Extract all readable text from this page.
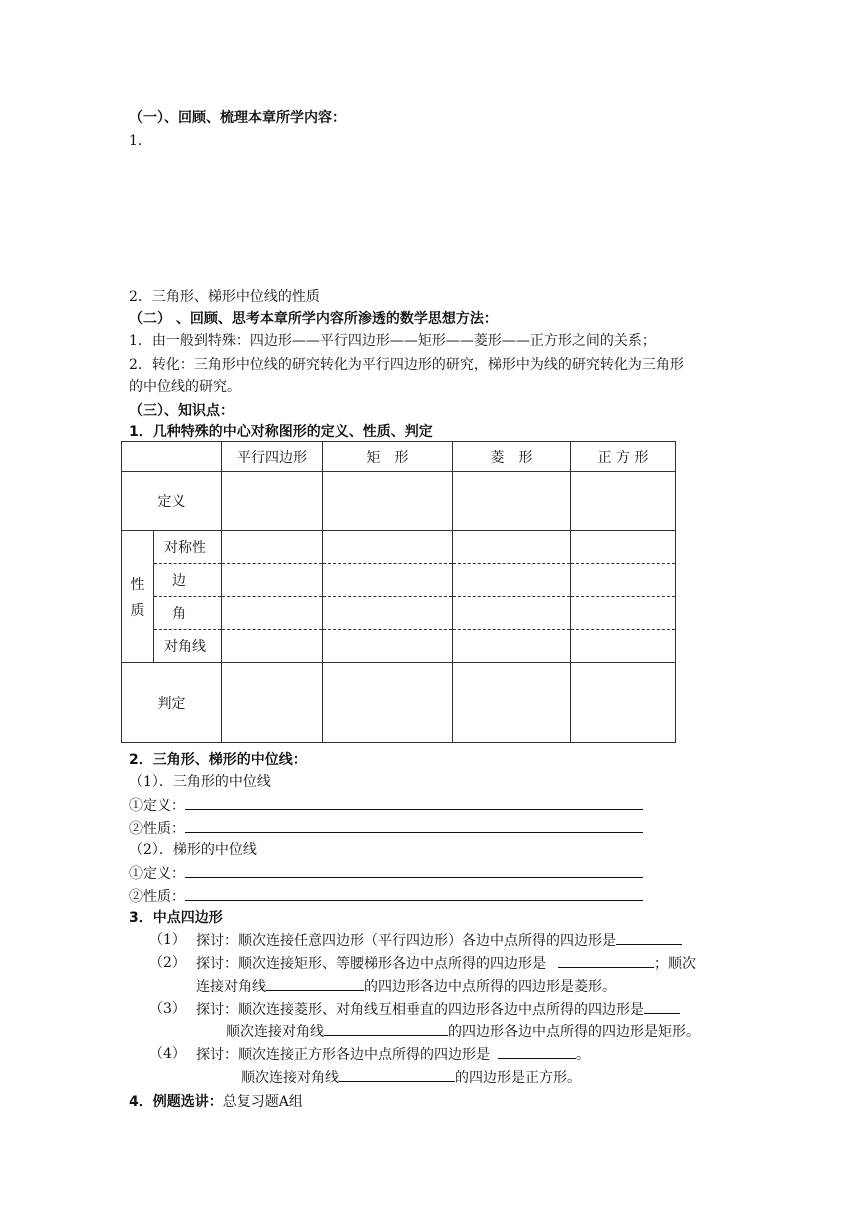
（一）、回顾、梳理本章所学内容：
1.
2．三角形、梯形中位线的性质
（二） 、回顾、思考本章所学内容所渗透的数学思想方法：
1．由一般到特殊：四边形——平行四边形——矩形——菱形——正方形之间的关系；
2．转化：三角形中位线的研究转化为平行四边形的研究，梯形中为线的研究转化为三角形
的中位线的研究。
（三）、知识点：
1．几种特殊的中心对称图形的定义、性质、判定
		平行四边形	矩　形	菱　形	正 方 形
定义					

性
质	对称性				
	边				
	角				
	对角线				
判定					
2．三角形、梯形的中位线：
（1）．三角形的中位线
①定义：
②性质：
（2）．梯形的中位线
①定义：
②性质：
3．中点四边形
（1） 探讨：顺次连接任意四边形（平行四边形）各边中点所得的四边形是
（2） 探讨：顺次连接矩形、等腰梯形各边中点所得的四边形是	；顺次
连接对角线	的四边形各边中点所得的四边形是菱形。
（3） 探讨：顺次连接菱形、对角线互相垂直的四边形各边中点所得的四边形是
顺次连接对角线	的四边形各边中点所得的四边形是矩形。
（4） 探讨：顺次连接正方形各边中点所得的四边形是	。
顺次连接对角线	的四边形是正方形。
4．例题选讲：总复习题A组
